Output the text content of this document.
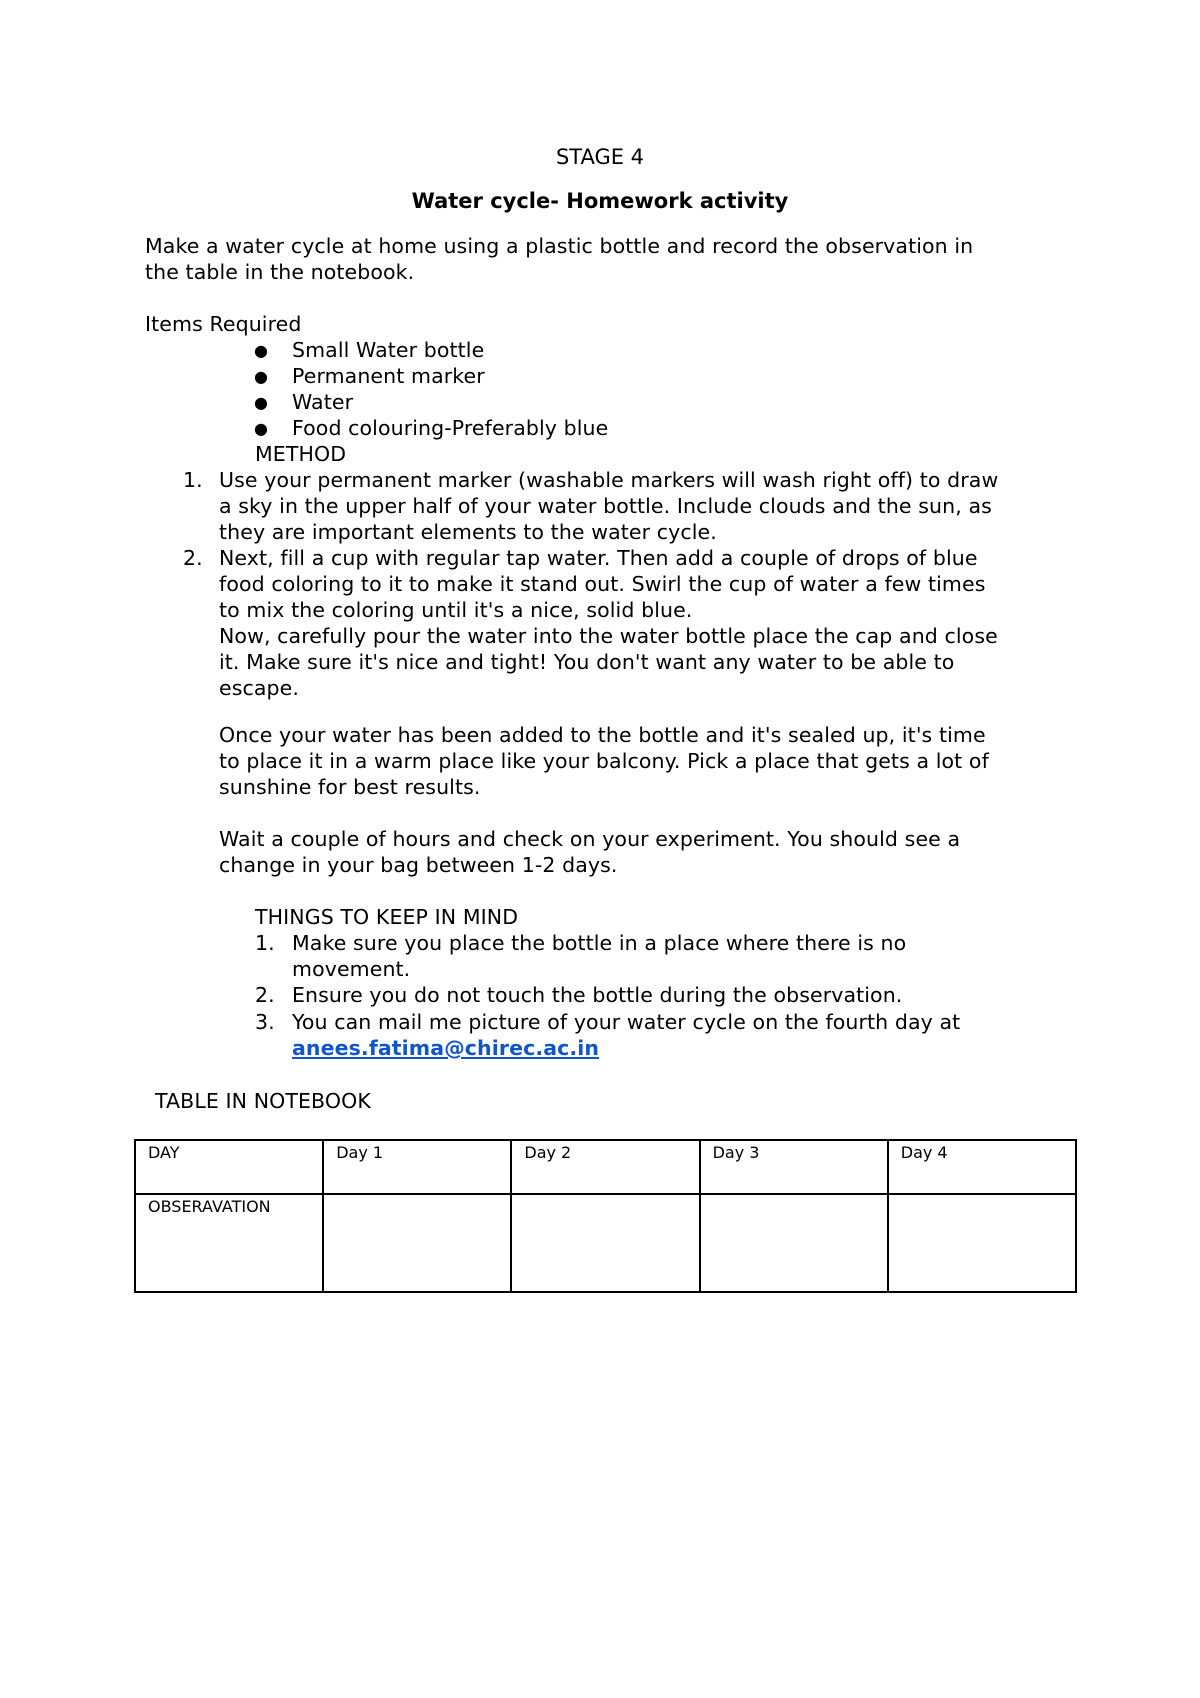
STAGE 4

Water cycle- Homework activity

Make a water cycle at home using a plastic bottle and record the observation in

the table in the notebook.

Items Required

● Small Water bottle

● Permanent marker

● Water

● Food colouring-Preferably blue

METHOD

1. Use your permanent marker (washable markers will wash right off) to draw

a sky in the upper half of your water bottle. Include clouds and the sun, as

they are important elements to the water cycle.

2. Next, fill a cup with regular tap water. Then add a couple of drops of blue

food coloring to it to make it stand out. Swirl the cup of water a few times

to mix the coloring until it's a nice, solid blue.

Now, carefully pour the water into the water bottle place the cap and close

it. Make sure it's nice and tight! You don't want any water to be able to

escape.

Once your water has been added to the bottle and it's sealed up, it's time

to place it in a warm place like your balcony. Pick a place that gets a lot of

sunshine for best results.

Wait a couple of hours and check on your experiment. You should see a

change in your bag between 1-2 days.

THINGS TO KEEP IN MIND

1. Make sure you place the bottle in a place where there is no

movement.

2. Ensure you do not touch the bottle during the observation.

3. You can mail me picture of your water cycle on the fourth day at

anees.fatima@chirec.ac.in

TABLE IN NOTEBOOK

DAY	Day 1	Day 2	Day 3	Day 4
OBSERAVATION				
